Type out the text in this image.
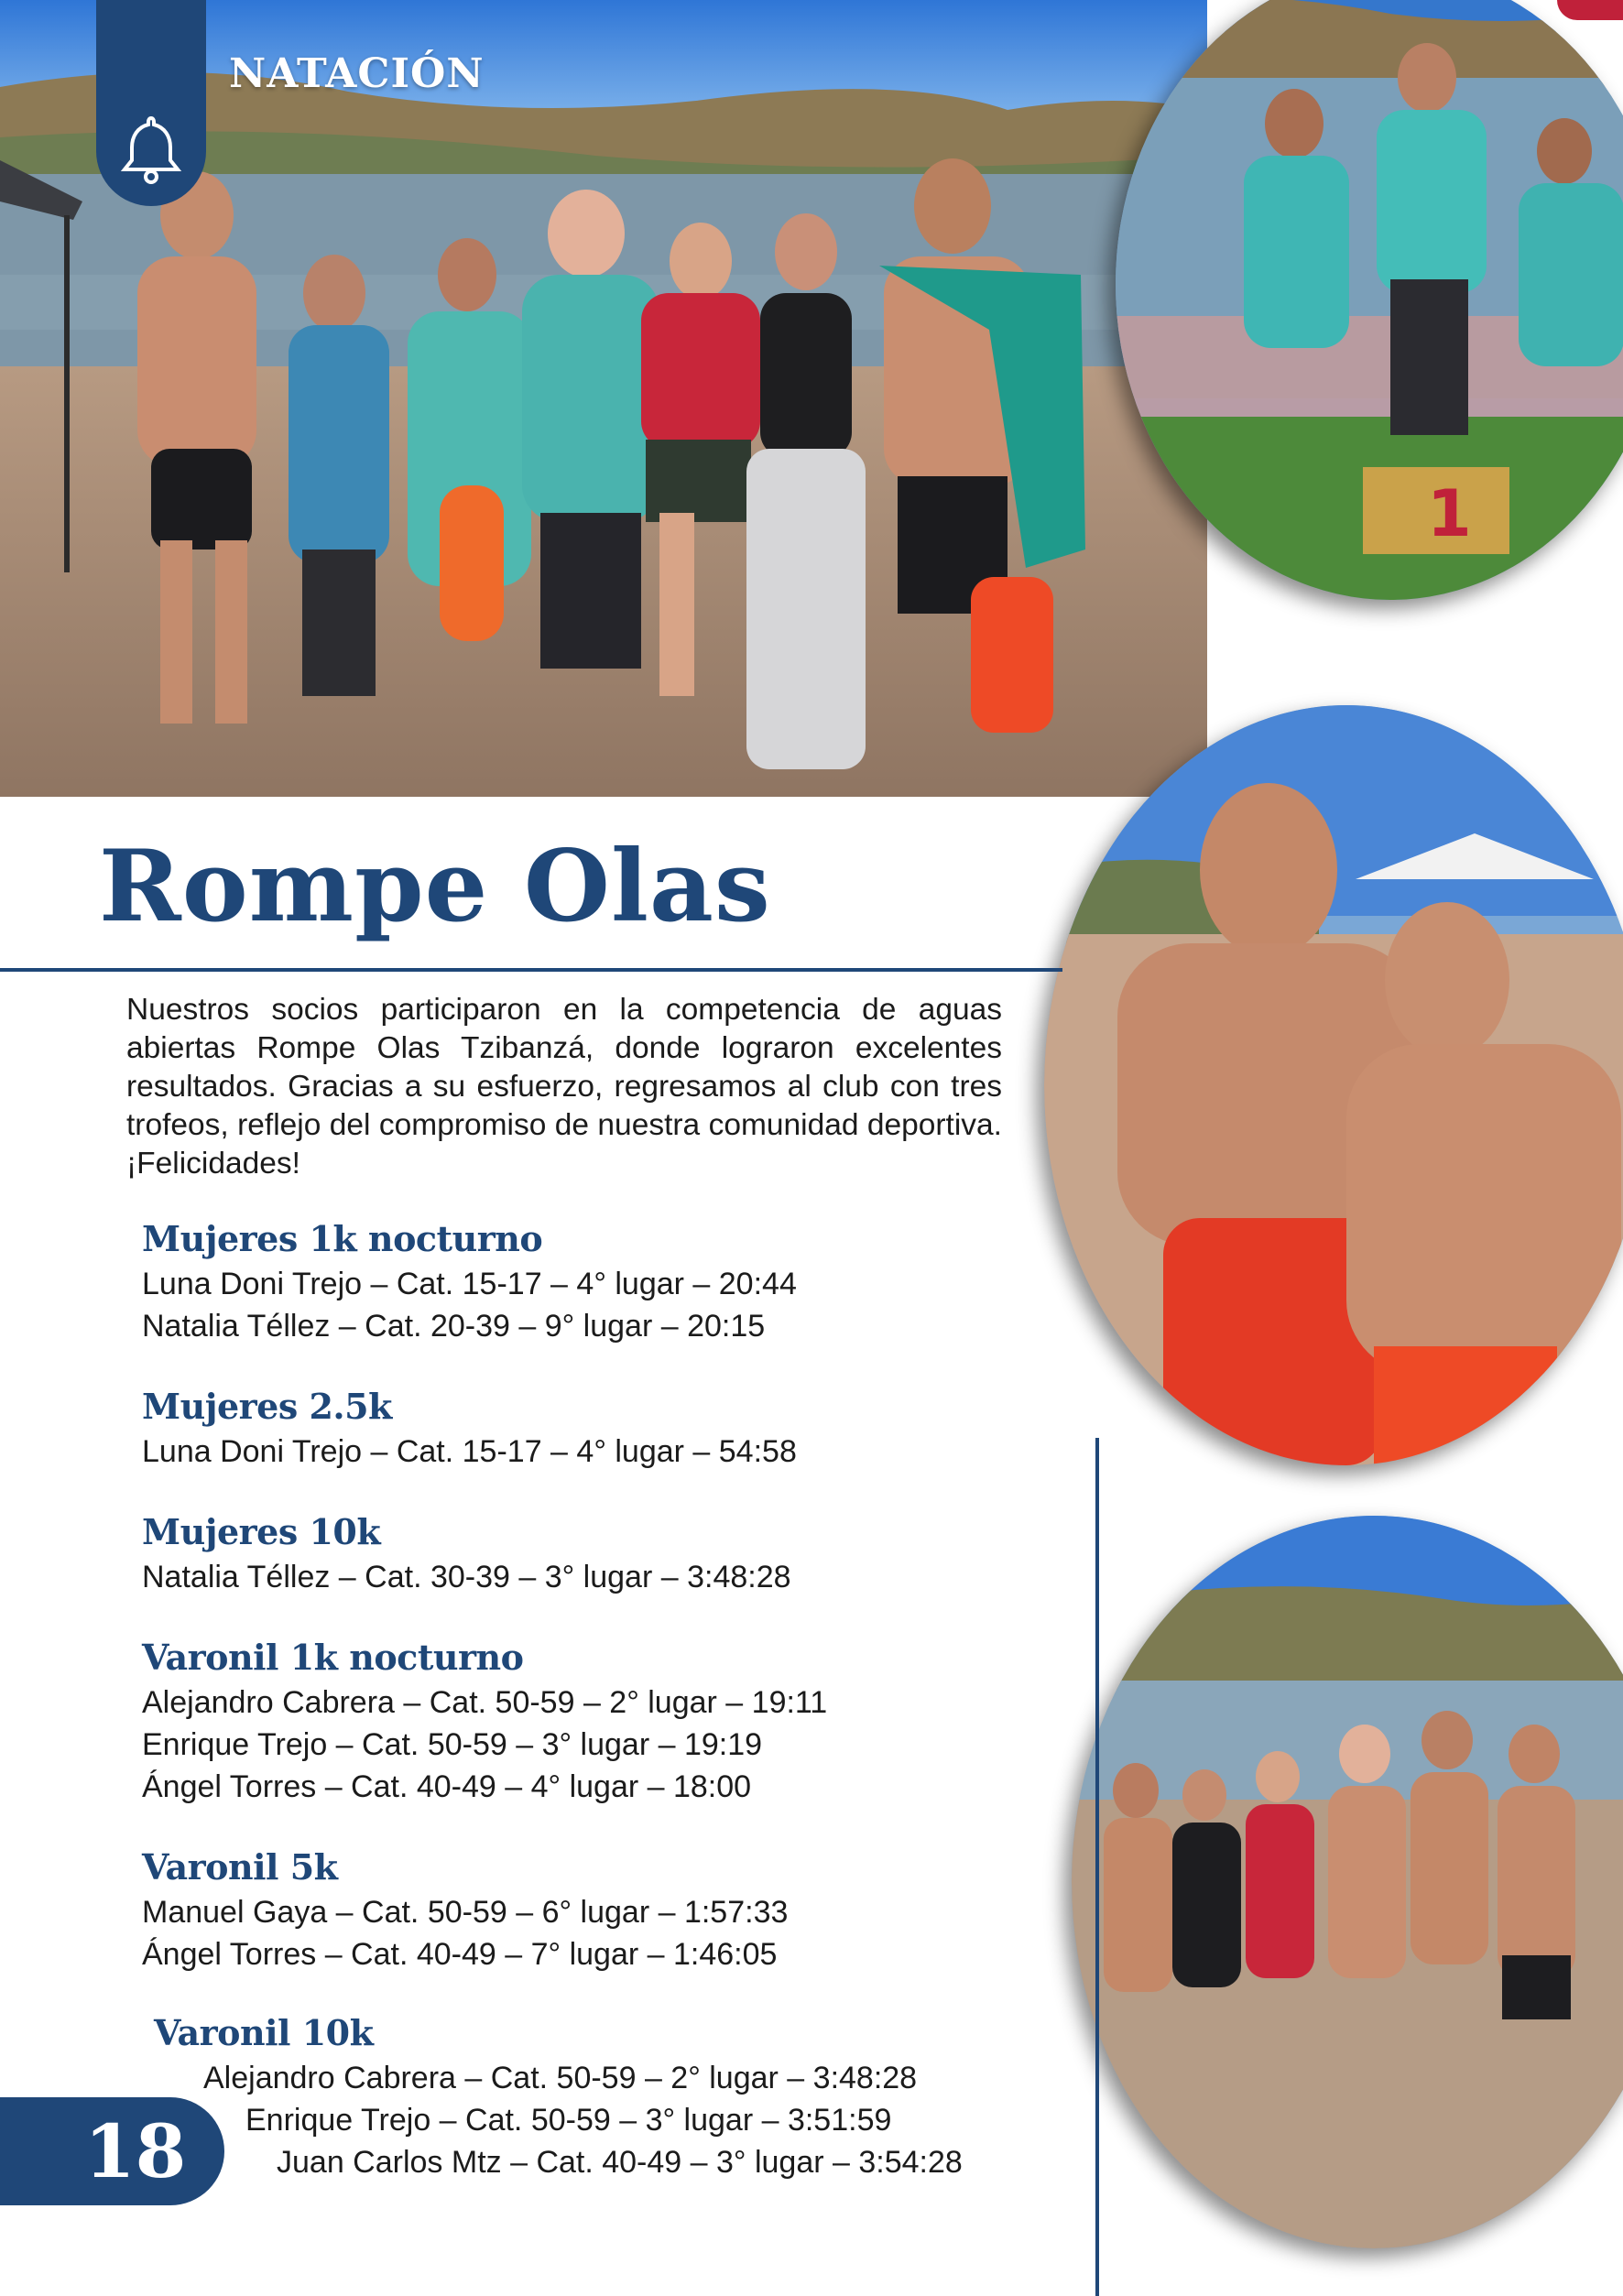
NATACIÓN
1
Rompe Olas

Nuestros socios participaron en la competencia de aguas abiertas Rompe Olas Tzibanzá, donde lograron excelentes resultados. Gracias a su esfuerzo, regresamos al club con tres trofeos, reflejo del compromiso de nuestra comunidad deportiva. ¡Felicidades!

Mujeres 1k nocturno

Luna Doni Trejo – Cat. 15-17 – 4° lugar – 20:44

Natalia Téllez – Cat. 20-39 – 9° lugar – 20:15

Mujeres 2.5k

Luna Doni Trejo – Cat. 15-17 – 4° lugar – 54:58

Mujeres 10k

Natalia Téllez – Cat. 30-39 – 3° lugar – 3:48:28

Varonil 1k nocturno

Alejandro Cabrera – Cat. 50-59 – 2° lugar – 19:11

Enrique Trejo – Cat. 50-59 – 3° lugar – 19:19

Ángel Torres – Cat. 40-49 – 4° lugar – 18:00

Varonil 5k

Manuel Gaya – Cat. 50-59 – 6° lugar – 1:57:33

Ángel Torres – Cat. 40-49 – 7° lugar – 1:46:05

Varonil 10k

Alejandro Cabrera – Cat. 50-59 – 2° lugar – 3:48:28

Enrique Trejo – Cat. 50-59 – 3° lugar – 3:51:59

Juan Carlos Mtz – Cat. 40-49 – 3° lugar – 3:54:28

18
